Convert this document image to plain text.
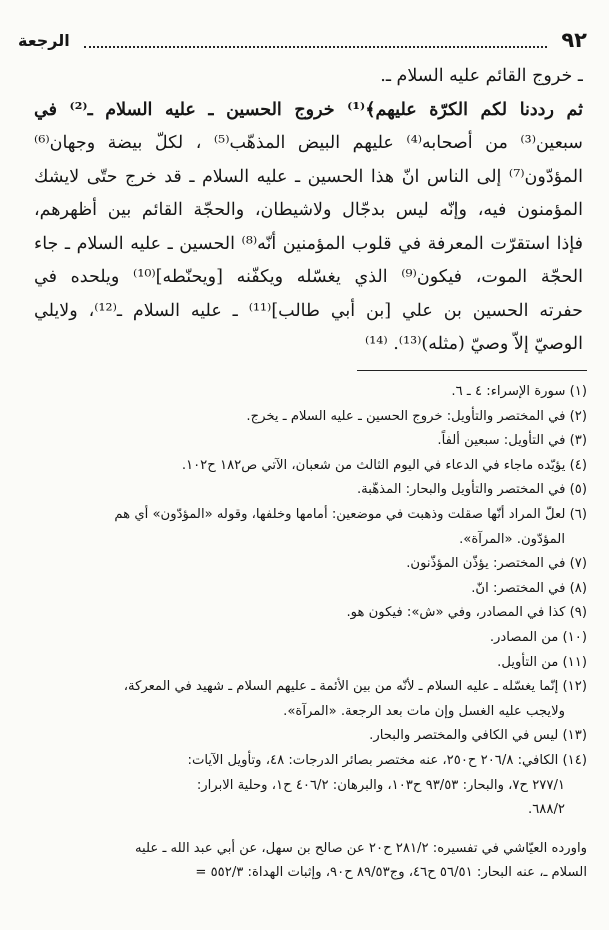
٩٢
الرجعة
ـ خروج القائم عليه السلام ـ.
ثم رددنا لكم الكرّة عليهم﴾⁽¹⁾ خروج الحسين ـ عليه السلام ـ⁽²⁾ في
سبعين⁽³⁾ من أصحابه⁽⁴⁾ عليهم البيض المذهّب⁽⁵⁾ ، لكلّ بيضة وجهان⁽⁶⁾
المؤدّون⁽⁷⁾ إلى الناس انّ هذا الحسين ـ عليه السلام ـ قد خرج حتّى لايشك
المؤمنون فيه، وإنّه ليس بدجّال ولاشيطان، والحجّة القائم بين أظهرهم،
فإذا استقرّت المعرفة في قلوب المؤمنين أنّه⁽⁸⁾ الحسين ـ عليه السلام ـ جاء
الحجّة الموت، فيكون⁽⁹⁾ الذي يغسّله ويكفّنه [ويحنّطه]⁽¹⁰⁾ ويلحده في
حفرته الحسين بن علي [بن أبي طالب]⁽¹¹⁾ ـ عليه السلام ـ⁽¹²⁾، ولايلي
الوصيّ إلاّ وصيّ (مثله)⁽¹³⁾. ⁽¹⁴⁾

(١) سورة الإسراء: ٤ ـ ٦.

(٢) في المختصر والتأويل: خروج الحسين ـ عليه السلام ـ يخرج.

(٣) في التأويل: سبعين ألفاً.

(٤) يؤيّده ماجاء في الدعاء في اليوم الثالث من شعبان، الآتي ص١٨٢ ح١٠٢.

(٥) في المختصر والتأويل والبحار: المذهّبة.

(٦) لعلّ المراد أنّها صقلت وذهبت في موضعين: أمامها وخلفها، وقوله «المؤدّون» أي هم

المؤدّون. «المرآة».

(٧) في المختصر: يؤذّن المؤذّنون.

(٨) في المختصر: انّ.

(٩) كذا في المصادر، وفي «ش»: فيكون هو.

(١٠) من المصادر.

(١١) من التأويل.

(١٢) إنّما يغسّله ـ عليه السلام ـ لأنّه من بين الأئمة ـ عليهم السلام ـ شهيد في المعركة،

ولايجب عليه الغسل وإن مات بعد الرجعة. «المرآة».

(١٣) ليس في الكافي والمختصر والبحار.

(١٤) الكافي: ٢٠٦/٨ ح٢٥٠، عنه مختصر بصائر الدرجات: ٤٨، وتأويل الآيات:

٢٧٧/١ ح٧، والبحار: ٩٣/٥٣ ح١٠٣، والبرهان: ٤٠٦/٢ ح١، وحلية الابرار:

٦٨٨/٢.

واورده العيّاشي في تفسيره: ٢٨١/٢ ح٢٠ عن صالح بن سهل، عن أبي عبد الله ـ عليه

السلام ـ، عنه البحار: ٥٦/٥١ ح٤٦، وج٨٩/٥٣ ح٩٠، وإثبات الهداة: ٥٥٢/٣ =
